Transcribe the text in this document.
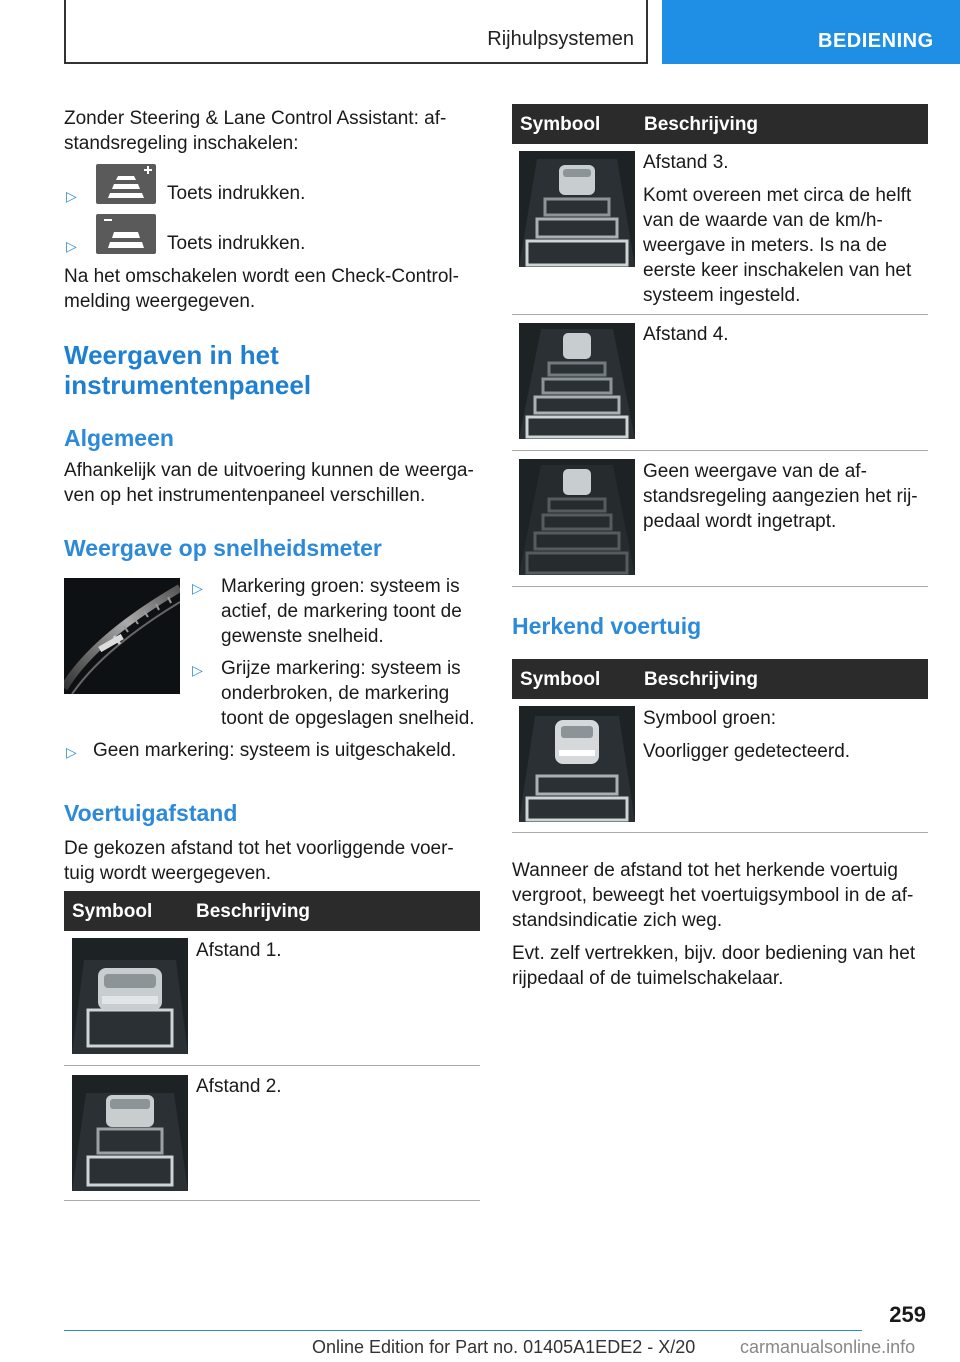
Rijhulpsystemen	BEDIENING

Zonder Steering & Lane Control Assistant: af-

standsregeling inschakelen:

▷	Toets indrukken.
▷	Toets indrukken.

Na het omschakelen wordt een Check-Control-

melding weergegeven.

Weergaven in het

instrumentenpaneel

Algemeen

Afhankelijk van de uitvoering kunnen de weerga-

ven op het instrumentenpaneel verschillen.

Weergave op snelheidsmeter

▷ Markering groen: systeem is

actief, de markering toont de

gewenste snelheid.

▷ Grijze markering: systeem is

onderbroken, de markering

toont de opgeslagen snelheid.

▷ Geen markering: systeem is uitgeschakeld.

Voertuigafstand

De gekozen afstand tot het voorliggende voer-

tuig wordt weergegeven.

Symbool Beschrijving

Afstand 1.

Afstand 2.

Symbool Beschrijving

Afstand 3.

Komt overeen met circa de helft

van de waarde van de km/h-

weergave in meters. Is na de

eerste keer inschakelen van het

systeem ingesteld.

Afstand 4.

Geen weergave van de af-

standsregeling aangezien het rij-

pedaal wordt ingetrapt.

Herkend voertuig

Symbool Beschrijving

Symbool groen:

Voorligger gedetecteerd.

Wanneer de afstand tot het herkende voertuig

vergroot, beweegt het voertuigsymbool in de af-

standsindicatie zich weg.

Evt. zelf vertrekken, bijv. door bediening van het

rijpedaal of de tuimelschakelaar.

259
Online Edition for Part no. 01405A1EDE2 - X/20 carmanualsonline.info
